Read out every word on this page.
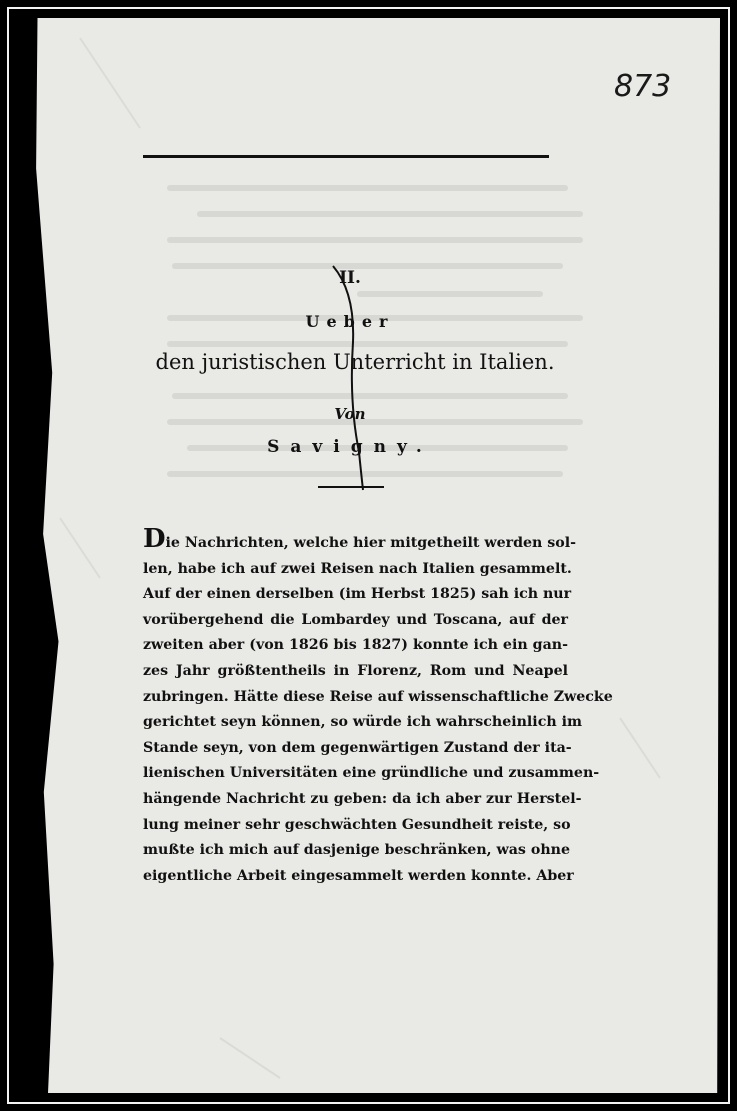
873
II.
Ueber
den juristischen Unterricht in Italien.
Von
Savigny.
Die Nachrichten, welche hier mitgetheilt werden sol-
len, habe ich auf zwei Reisen nach Italien gesammelt.
Auf der einen derselben (im Herbst 1825) sah ich nur
vorübergehend die Lombardey und Toscana, auf der
zweiten aber (von 1826 bis 1827) konnte ich ein gan-
zes Jahr größtentheils in Florenz, Rom und Neapel
zubringen. Hätte diese Reise auf wissenschaftliche Zwecke
gerichtet seyn können, so würde ich wahrscheinlich im
Stande seyn, von dem gegenwärtigen Zustand der ita-
lienischen Universitäten eine gründliche und zusammen-
hängende Nachricht zu geben: da ich aber zur Herstel-
lung meiner sehr geschwächten Gesundheit reiste, so
mußte ich mich auf dasjenige beschränken, was ohne
eigentliche Arbeit eingesammelt werden konnte. Aber
